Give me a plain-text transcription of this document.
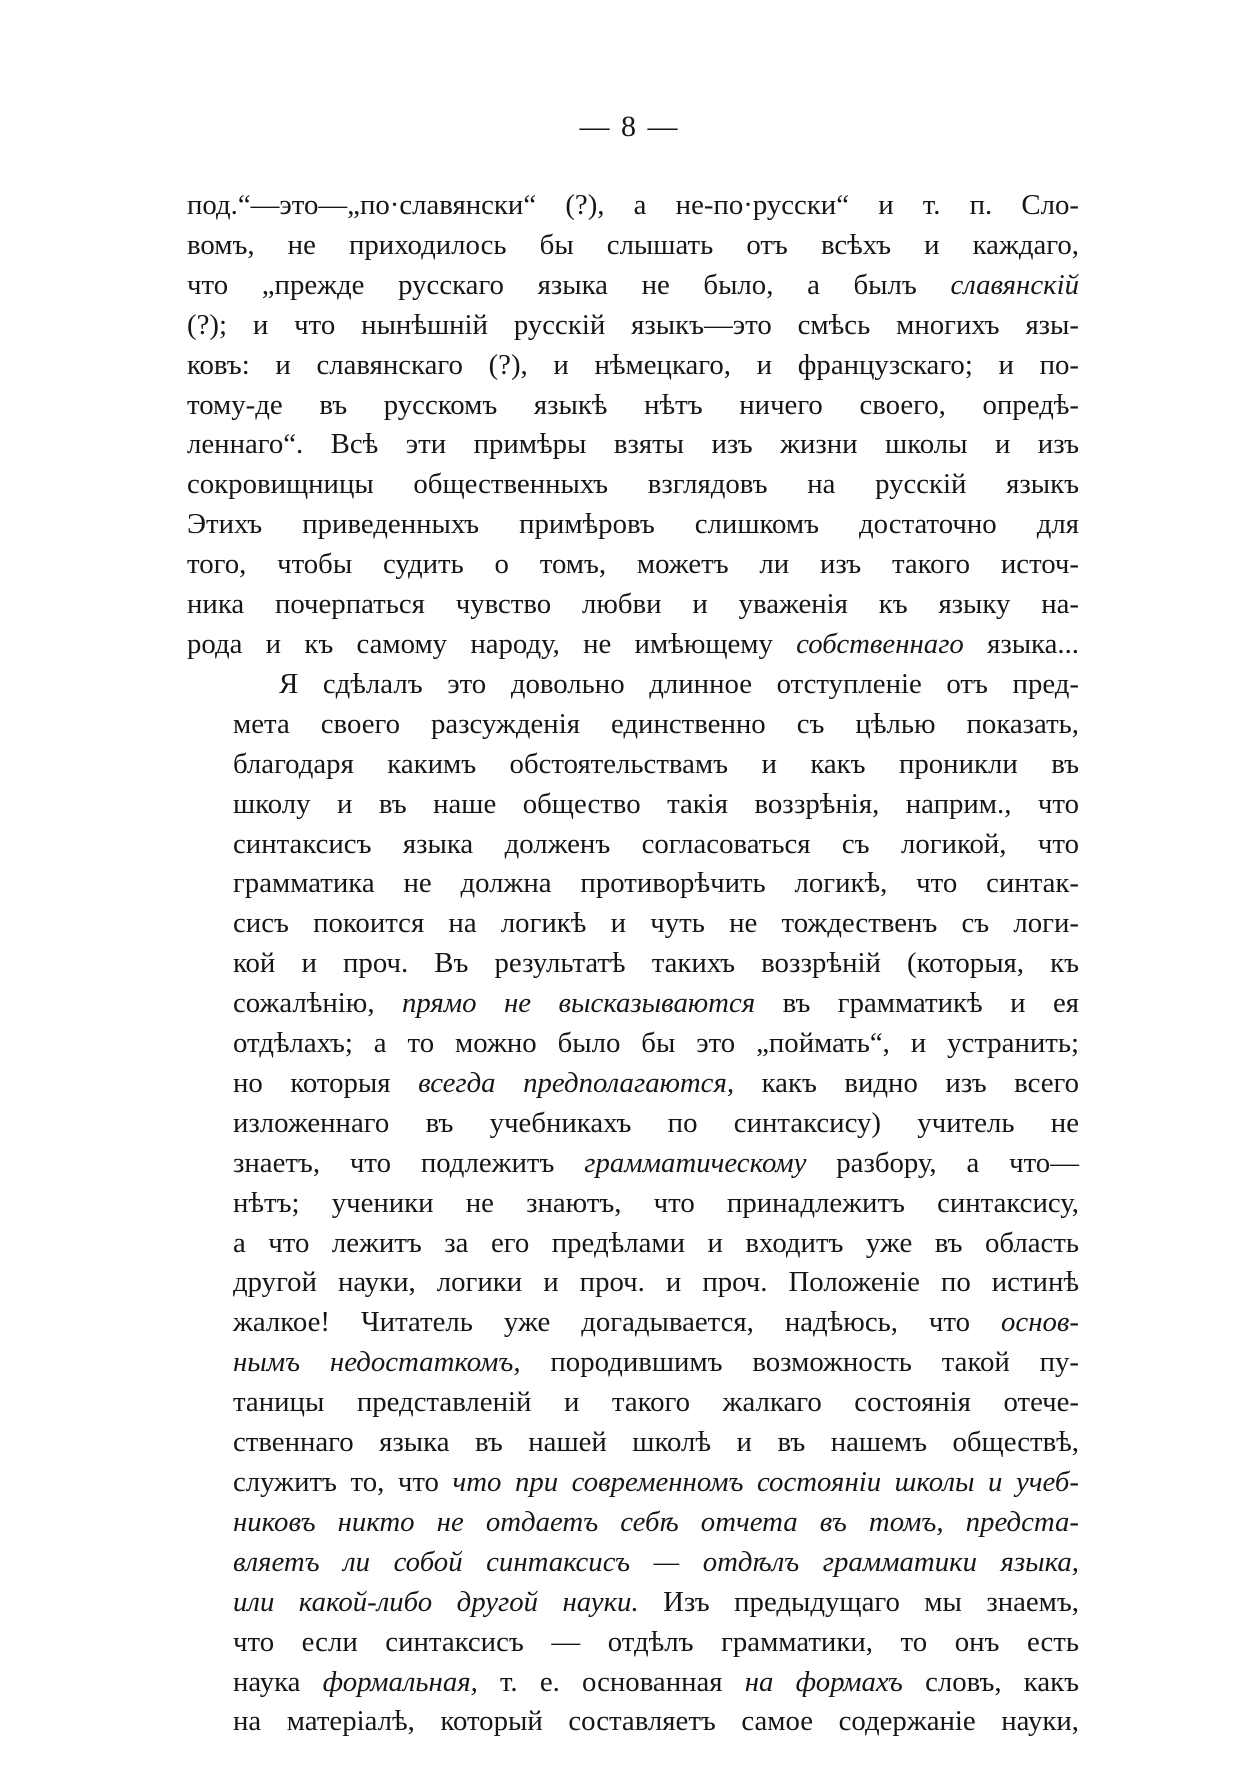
— 8 —
под.“—это—„по·славянски“ (?), а не-по·русски“ и т. п. Сло-
вомъ, не приходилось бы слышать отъ всѣхъ и каждаго,
что „прежде русскаго языка не было, а былъ славянскій
(?); и что нынѣшній русскій языкъ—это смѣсь многихъ язы-
ковъ: и славянскаго (?), и нѣмецкаго, и французскаго; и по-
тому-де въ русскомъ языкѣ нѣтъ ничего своего, опредѣ-
леннаго“. Всѣ эти примѣры взяты изъ жизни школы и изъ
сокровищницы общественныхъ взглядовъ на русскій языкъ
Этихъ приведенныхъ примѣровъ слишкомъ достаточно для
того, чтобы судить о томъ, можетъ ли изъ такого источ-
ника почерпаться чувство любви и уваженія къ языку на-
рода и къ самому народу, не имѣющему собственнаго языка...
Я сдѣлалъ это довольно длинное отступленіе отъ пред-
мета своего разсужденія единственно съ цѣлью показать,
благодаря какимъ обстоятельствамъ и какъ проникли въ
школу и въ наше общество такія воззрѣнія, наприм., что
синтаксисъ языка долженъ согласоваться съ логикой, что
грамматика не должна противорѣчить логикѣ, что синтак-
сисъ покоится на логикѣ и чуть не тождественъ съ логи-
кой и проч. Въ результатѣ такихъ воззрѣній (которыя, къ
сожалѣнію, прямо не высказываются въ грамматикѣ и ея
отдѣлахъ; а то можно было бы это „поймать“, и устранить;
но которыя всегда предполагаются, какъ видно изъ всего
изложеннаго въ учебникахъ по синтаксису) учитель не
знаетъ, что подлежитъ грамматическому разбору, а что—
нѣтъ; ученики не знаютъ, что принадлежитъ синтаксису,
а что лежитъ за его предѣлами и входитъ уже въ область
другой науки, логики и проч. и проч. Положеніе по истинѣ
жалкое! Читатель уже догадывается, надѣюсь, что основ-
нымъ недостаткомъ, породившимъ возможность такой пу-
таницы представленій и такого жалкаго состоянія отече-
ственнаго языка въ нашей школѣ и въ нашемъ обществѣ,
служитъ то, что что при современномъ состояніи школы и учеб-
никовъ никто не отдаетъ себѣ отчета въ томъ, предста-
вляетъ ли собой синтаксисъ — отдѣлъ грамматики языка,
или какой-либо другой науки. Изъ предыдущаго мы знаемъ,
что если синтаксисъ — отдѣлъ грамматики, то онъ есть
наука формальная, т. е. основанная на формахъ словъ, какъ
на матеріалѣ, который составляетъ самое содержаніе науки,
